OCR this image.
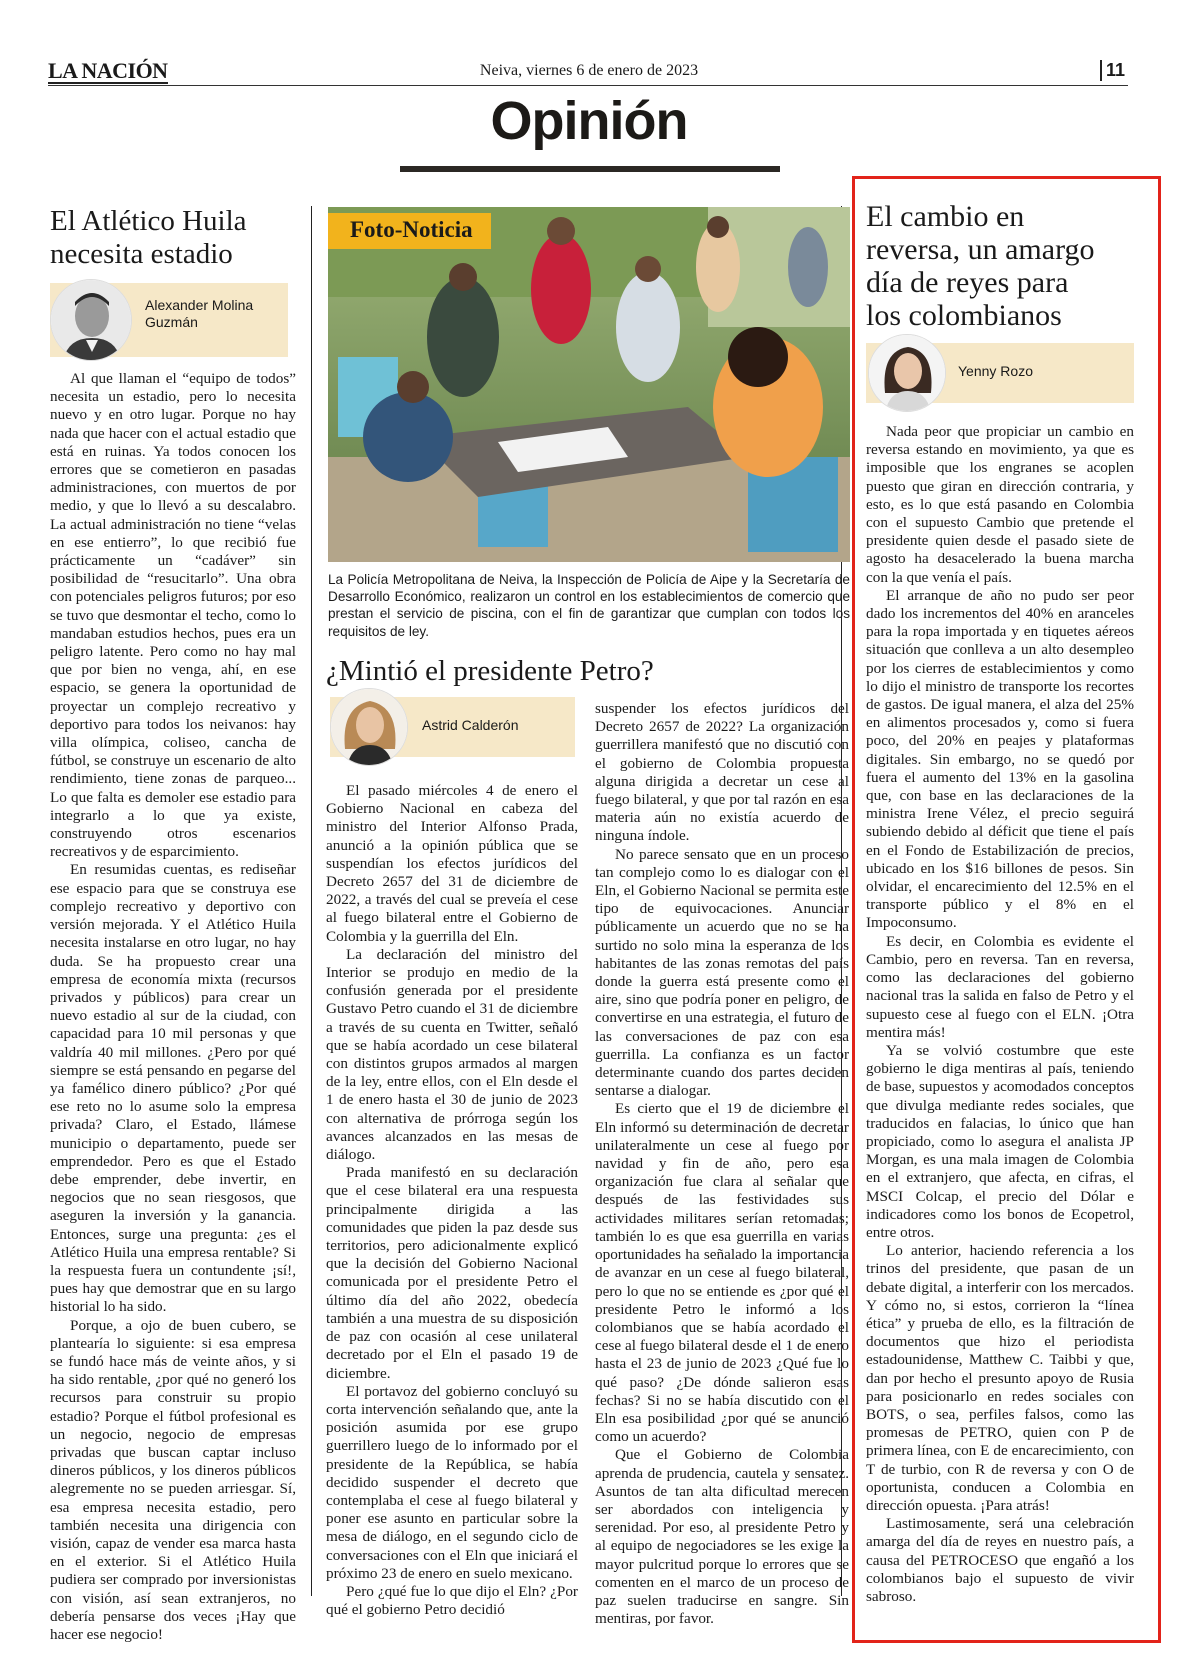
LA NACIÓN	Neiva, viernes 6 de enero de 2023	11
Opinión
El Atlético Huila
necesita estadio
Alexander Molina
Guzmán

Al que llaman el “equipo de todos” necesita un estadio, pero lo necesita nuevo y en otro lugar. Porque no hay nada que hacer con el actual estadio que está en ruinas. Ya todos conocen los errores que se cometieron en pasadas administraciones, con muertos de por medio, y que lo llevó a su descalabro. La actual administración no tiene “velas en ese entierro”, lo que recibió fue prácticamente un “cadáver” sin posibilidad de “resucitarlo”. Una obra con potenciales peligros futuros; por eso se tuvo que desmontar el techo, como lo mandaban estudios hechos, pues era un peligro latente. Pero como no hay mal que por bien no venga, ahí, en ese espacio, se genera la oportunidad de proyectar un complejo recreativo y deportivo para todos los neivanos: hay villa olímpica, coliseo, cancha de fútbol, se construye un escenario de alto rendimiento, tiene zonas de parqueo... Lo que falta es demoler ese estadio para integrarlo a lo que ya existe, construyendo otros escenarios recreativos y de esparcimiento.

En resumidas cuentas, es rediseñar ese espacio para que se construya ese complejo recreativo y deportivo con versión mejorada. Y el Atlético Huila necesita instalarse en otro lugar, no hay duda. Se ha propuesto crear una empresa de economía mixta (recursos privados y públicos) para crear un nuevo estadio al sur de la ciudad, con capacidad para 10 mil personas y que valdría 40 mil millones. ¿Pero por qué siempre se está pensando en pegarse del ya famélico dinero público? ¿Por qué ese reto no lo asume solo la empresa privada? Claro, el Estado, llámese municipio o departamento, puede ser emprendedor. Pero es que el Estado debe emprender, debe invertir, en negocios que no sean riesgosos, que aseguren la inversión y la ganancia. Entonces, surge una pregunta: ¿es el Atlético Huila una empresa rentable? Si la respuesta fuera un contundente ¡sí!, pues hay que demostrar que en su largo historial lo ha sido.

Porque, a ojo de buen cubero, se plantearía lo siguiente: si esa empresa se fundó hace más de veinte años, y si ha sido rentable, ¿por qué no generó los recursos para construir su propio estadio? Porque el fútbol profesional es un negocio, negocio de empresas privadas que buscan captar incluso dineros públicos, y los dineros públicos alegremente no se pueden arriesgar. Sí, esa empresa necesita estadio, pero también necesita una dirigencia con visión, capaz de vender esa marca hasta en el exterior. Si el Atlético Huila pudiera ser comprado por inversionistas con visión, así sean extranjeros, no debería pensarse dos veces ¡Hay que hacer ese negocio!

Foto-Noticia
La Policía Metropolitana de Neiva, la Inspección de Policía de Aipe y la Secretaría de Desarrollo Económico, realizaron un control en los establecimientos de comercio que prestan el servicio de piscina, con el fin de garantizar que cumplan con todos los requisitos de ley.
¿Mintió el presidente Petro?
Astrid Calderón

El pasado miércoles 4 de enero el Gobierno Nacional en cabeza del ministro del Interior Alfonso Prada, anunció a la opinión pública que se suspendían los efectos jurídicos del Decreto 2657 del 31 de diciembre de 2022, a través del cual se preveía el cese al fuego bilateral entre el Gobierno de Colombia y la guerrilla del Eln.

La declaración del ministro del Interior se produjo en medio de la confusión generada por el presidente Gustavo Petro cuando el 31 de diciembre a través de su cuenta en Twitter, señaló que se había acordado un cese bilateral con distintos grupos armados al margen de la ley, entre ellos, con el Eln desde el 1 de enero hasta el 30 de junio de 2023 con alternativa de prórroga según los avances alcanzados en las mesas de diálogo.

Prada manifestó en su declaración que el cese bilateral era una respuesta principalmente dirigida a las comunidades que piden la paz desde sus territorios, pero adicionalmente explicó que la decisión del Gobierno Nacional comunicada por el presidente Petro el último día del año 2022, obedecía también a una muestra de su disposición de paz con ocasión al cese unilateral decretado por el Eln el pasado 19 de diciembre.

El portavoz del gobierno concluyó su corta intervención señalando que, ante la posición asumida por ese grupo guerrillero luego de lo informado por el presidente de la República, se había decidido suspender el decreto que contemplaba el cese al fuego bilateral y poner ese asunto en particular sobre la mesa de diálogo, en el segundo ciclo de conversaciones con el Eln que iniciará el próximo 23 de enero en suelo mexicano.

Pero ¿qué fue lo que dijo el Eln? ¿Por qué el gobierno Petro decidió

suspender los efectos jurídicos del Decreto 2657 de 2022? La organización guerrillera manifestó que no discutió con el gobierno de Colombia propuesta alguna dirigida a decretar un cese al fuego bilateral, y que por tal razón en esa materia aún no existía acuerdo de ninguna índole.

No parece sensato que en un proceso tan complejo como lo es dialogar con el Eln, el Gobierno Nacional se permita este tipo de equivocaciones. Anunciar públicamente un acuerdo que no se ha surtido no solo mina la esperanza de los habitantes de las zonas remotas del país donde la guerra está presente como el aire, sino que podría poner en peligro, de convertirse en una estrategia, el futuro de las conversaciones de paz con esa guerrilla. La confianza es un factor determinante cuando dos partes deciden sentarse a dialogar.

Es cierto que el 19 de diciembre el Eln informó su determinación de decretar unilateralmente un cese al fuego por navidad y fin de año, pero esa organización fue clara al señalar que después de las festividades sus actividades militares serían retomadas; también lo es que esa guerrilla en varias oportunidades ha señalado la importancia de avanzar en un cese al fuego bilateral, pero lo que no se entiende es ¿por qué el presidente Petro le informó a los colombianos que se había acordado el cese al fuego bilateral desde el 1 de enero hasta el 23 de junio de 2023 ¿Qué fue lo qué paso? ¿De dónde salieron esas fechas? Si no se había discutido con el Eln esa posibilidad ¿por qué se anunció como un acuerdo?

Que el Gobierno de Colombia aprenda de prudencia, cautela y sensatez. Asuntos de tan alta dificultad merecen ser abordados con inteligencia y serenidad. Por eso, al presidente Petro y al equipo de negociadores se les exige la mayor pulcritud porque lo errores que se comenten en el marco de un proceso de paz suelen traducirse en sangre. Sin mentiras, por favor.

El cambio en
reversa, un amargo
día de reyes para
los colombianos
Yenny Rozo

Nada peor que propiciar un cambio en reversa estando en movimiento, ya que es imposible que los engranes se acoplen puesto que giran en dirección contraria, y esto, es lo que está pasando en Colombia con el supuesto Cambio que pretende el presidente quien desde el pasado siete de agosto ha desacelerado la buena marcha con la que venía el país.

El arranque de año no pudo ser peor dado los incrementos del 40% en aranceles para la ropa importada y en tiquetes aéreos situación que conlleva a un alto desempleo por los cierres de establecimientos y como lo dijo el ministro de transporte los recortes de gastos. De igual manera, el alza del 25% en alimentos procesados y, como si fuera poco, del 20% en peajes y plataformas digitales. Sin embargo, no se quedó por fuera el aumento del 13% en la gasolina que, con base en las declaraciones de la ministra Irene Vélez, el precio seguirá subiendo debido al déficit que tiene el país en el Fondo de Estabilización de precios, ubicado en los $16 billones de pesos. Sin olvidar, el encarecimiento del 12.5% en el transporte público y el 8% en el Impoconsumo.

Es decir, en Colombia es evidente el Cambio, pero en reversa. Tan en reversa, como las declaraciones del gobierno nacional tras la salida en falso de Petro y el supuesto cese al fuego con el ELN. ¡Otra mentira más!

Ya se volvió costumbre que este gobierno le diga mentiras al país, teniendo de base, supuestos y acomodados conceptos que divulga mediante redes sociales, que traducidos en falacias, lo único que han propiciado, como lo asegura el analista JP Morgan, es una mala imagen de Colombia en el extranjero, que afecta, en cifras, el MSCI Colcap, el precio del Dólar e indicadores como los bonos de Ecopetrol, entre otros.

Lo anterior, haciendo referencia a los trinos del presidente, que pasan de un debate digital, a interferir con los mercados. Y cómo no, si estos, corrieron la “línea ética” y prueba de ello, es la filtración de documentos que hizo el periodista estadounidense, Matthew C. Taibbi y que, dan por hecho el presunto apoyo de Rusia para posicionarlo en redes sociales con BOTS, o sea, perfiles falsos, como las promesas de PETRO, quien con P de primera línea, con E de encarecimiento, con T de turbio, con R de reversa y con O de oportunista, conducen a Colombia en dirección opuesta. ¡Para atrás!

Lastimosamente, será una celebración amarga del día de reyes en nuestro país, a causa del PETROCESO que engañó a los colombianos bajo el supuesto de vivir sabroso.
